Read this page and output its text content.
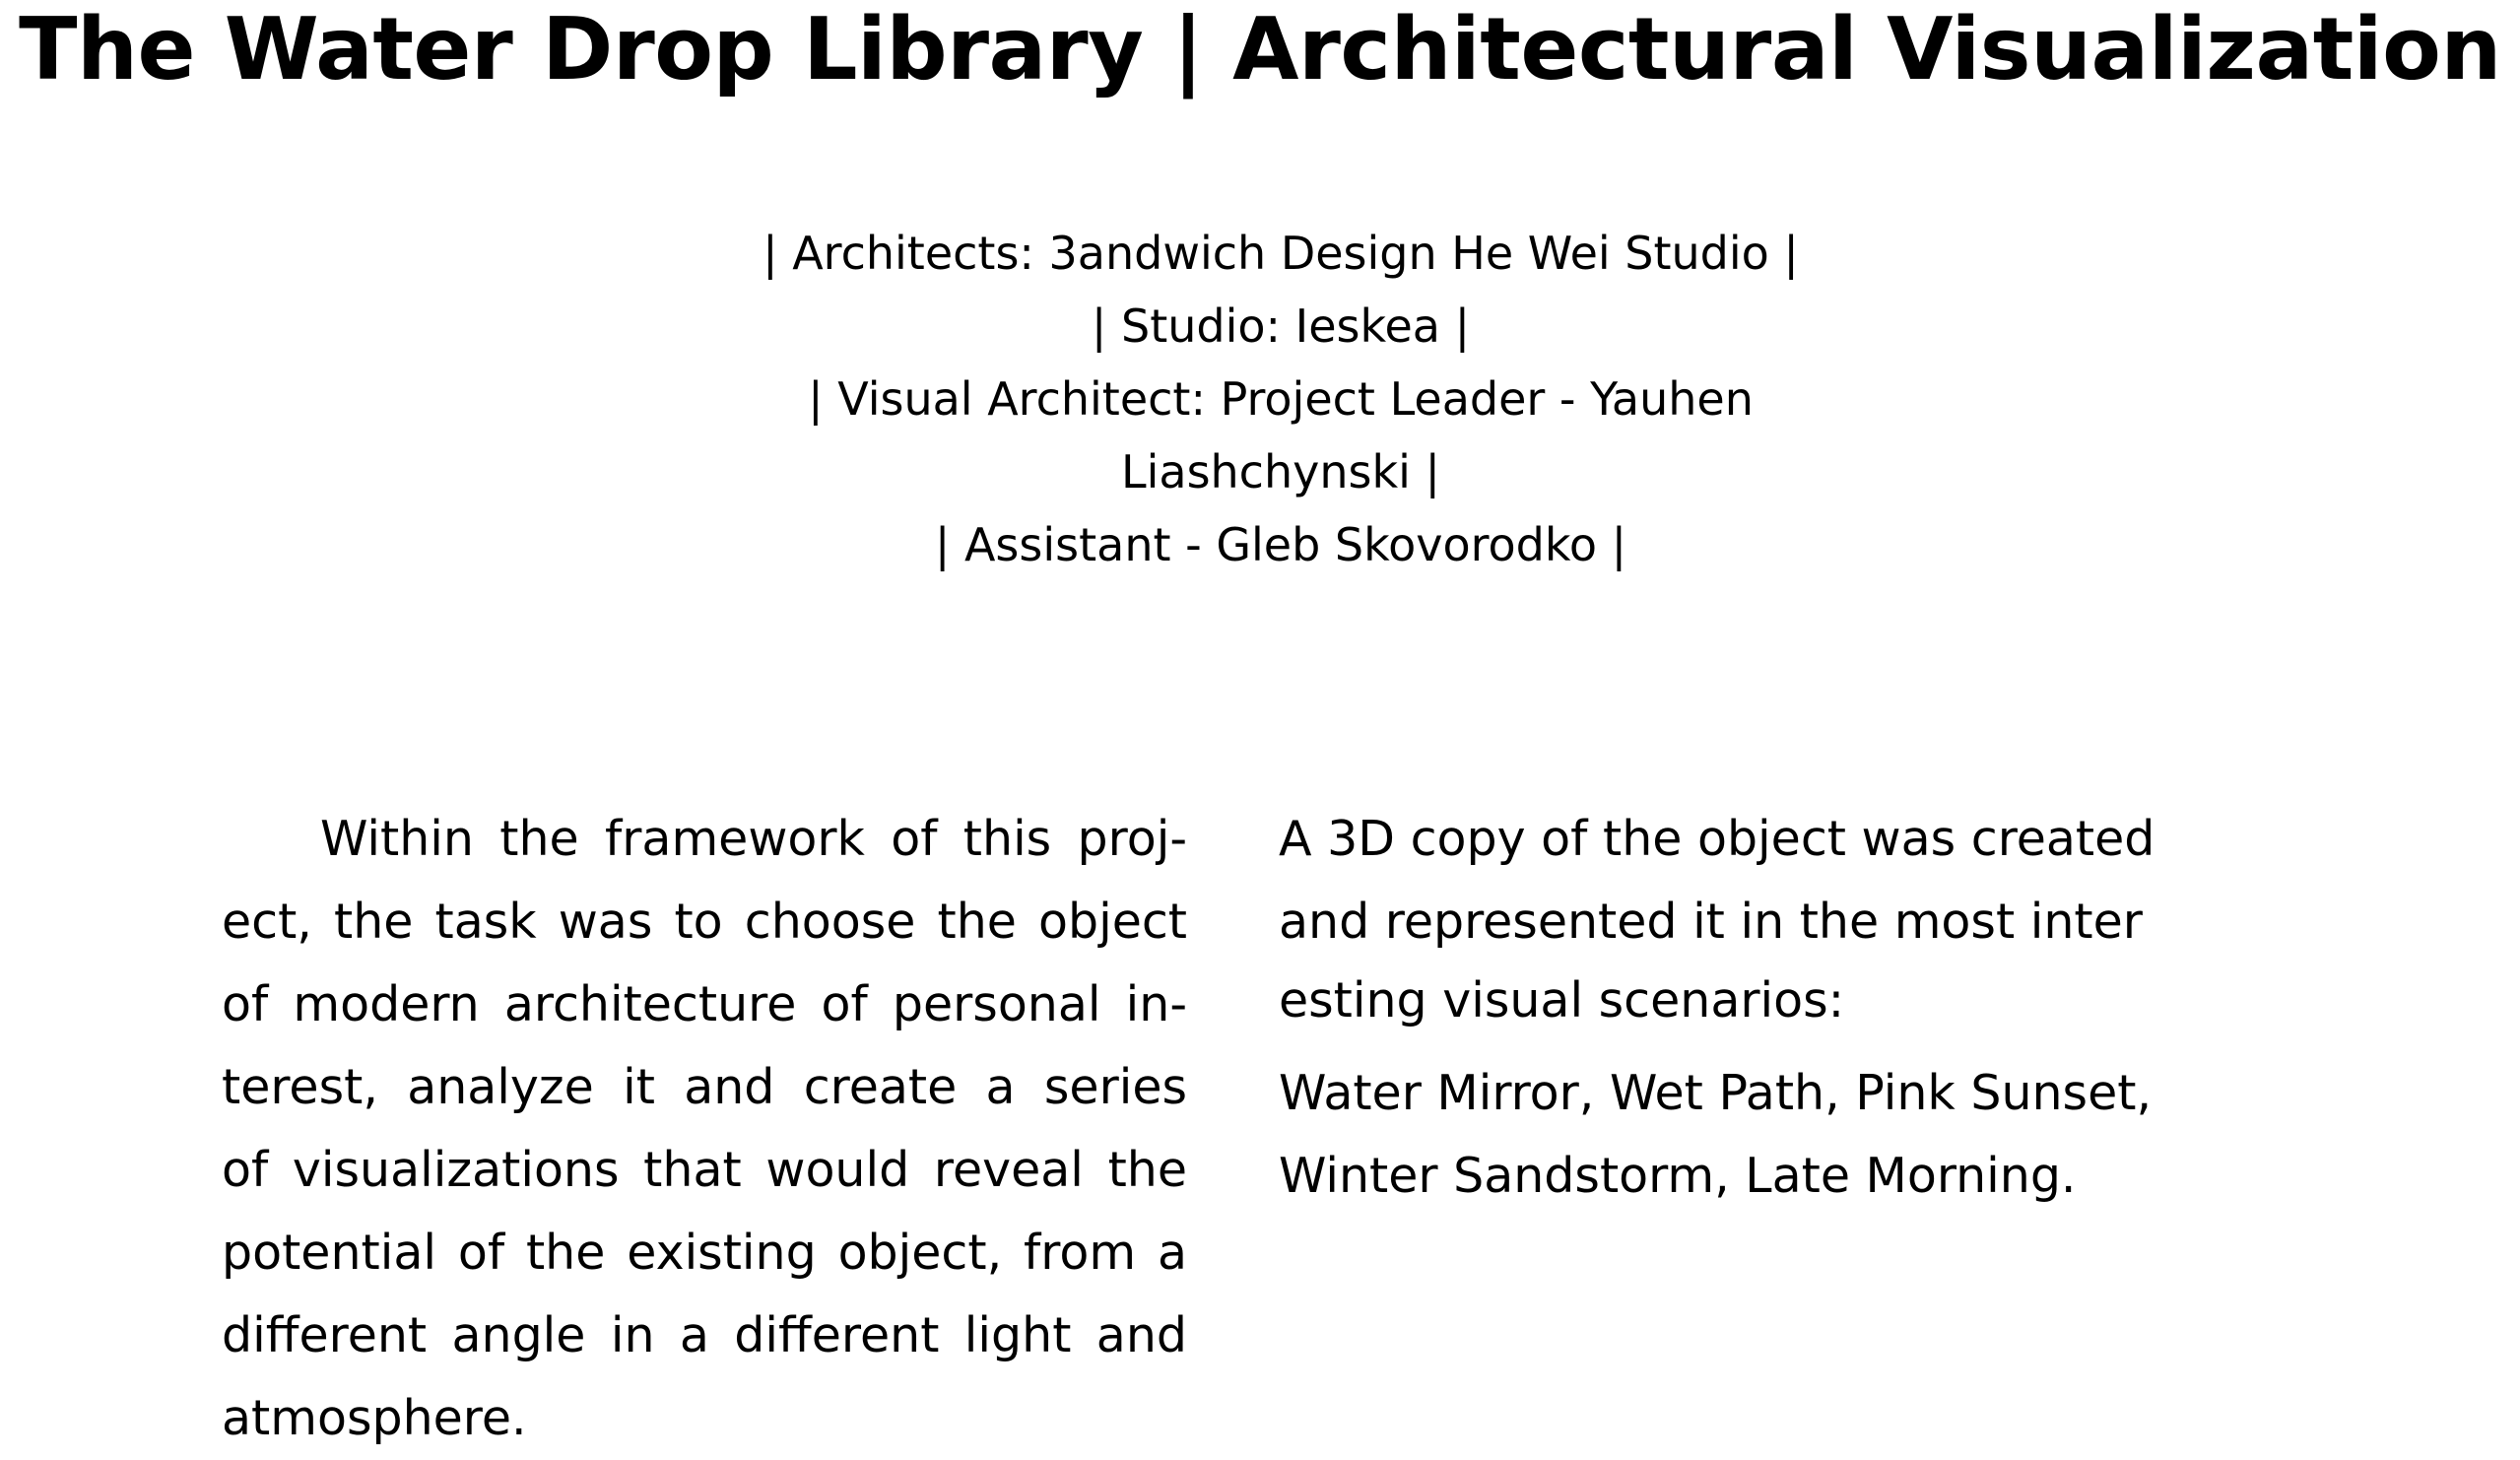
The Water Drop Library | Architectural Visualization
| Architects: 3andwich Design He Wei Studio |
| Studio: Ieskea |
| Visual Architect: Project Leader - Yauhen
Liashchynski |
| Assistant - Gleb Skovorodko |
Within the framework of this proj-
ect, the task was to choose the object
of modern architecture of personal in-
terest, analyze it and create a series
of visualizations that would reveal the
potential of the existing object, from a
different angle in a different light and
atmosphere.
A 3D copy of the object was created
and represented it in the most inter
esting visual scenarios:
Water Mirror, Wet Path, Pink Sunset,
Winter Sandstorm, Late Morning.
